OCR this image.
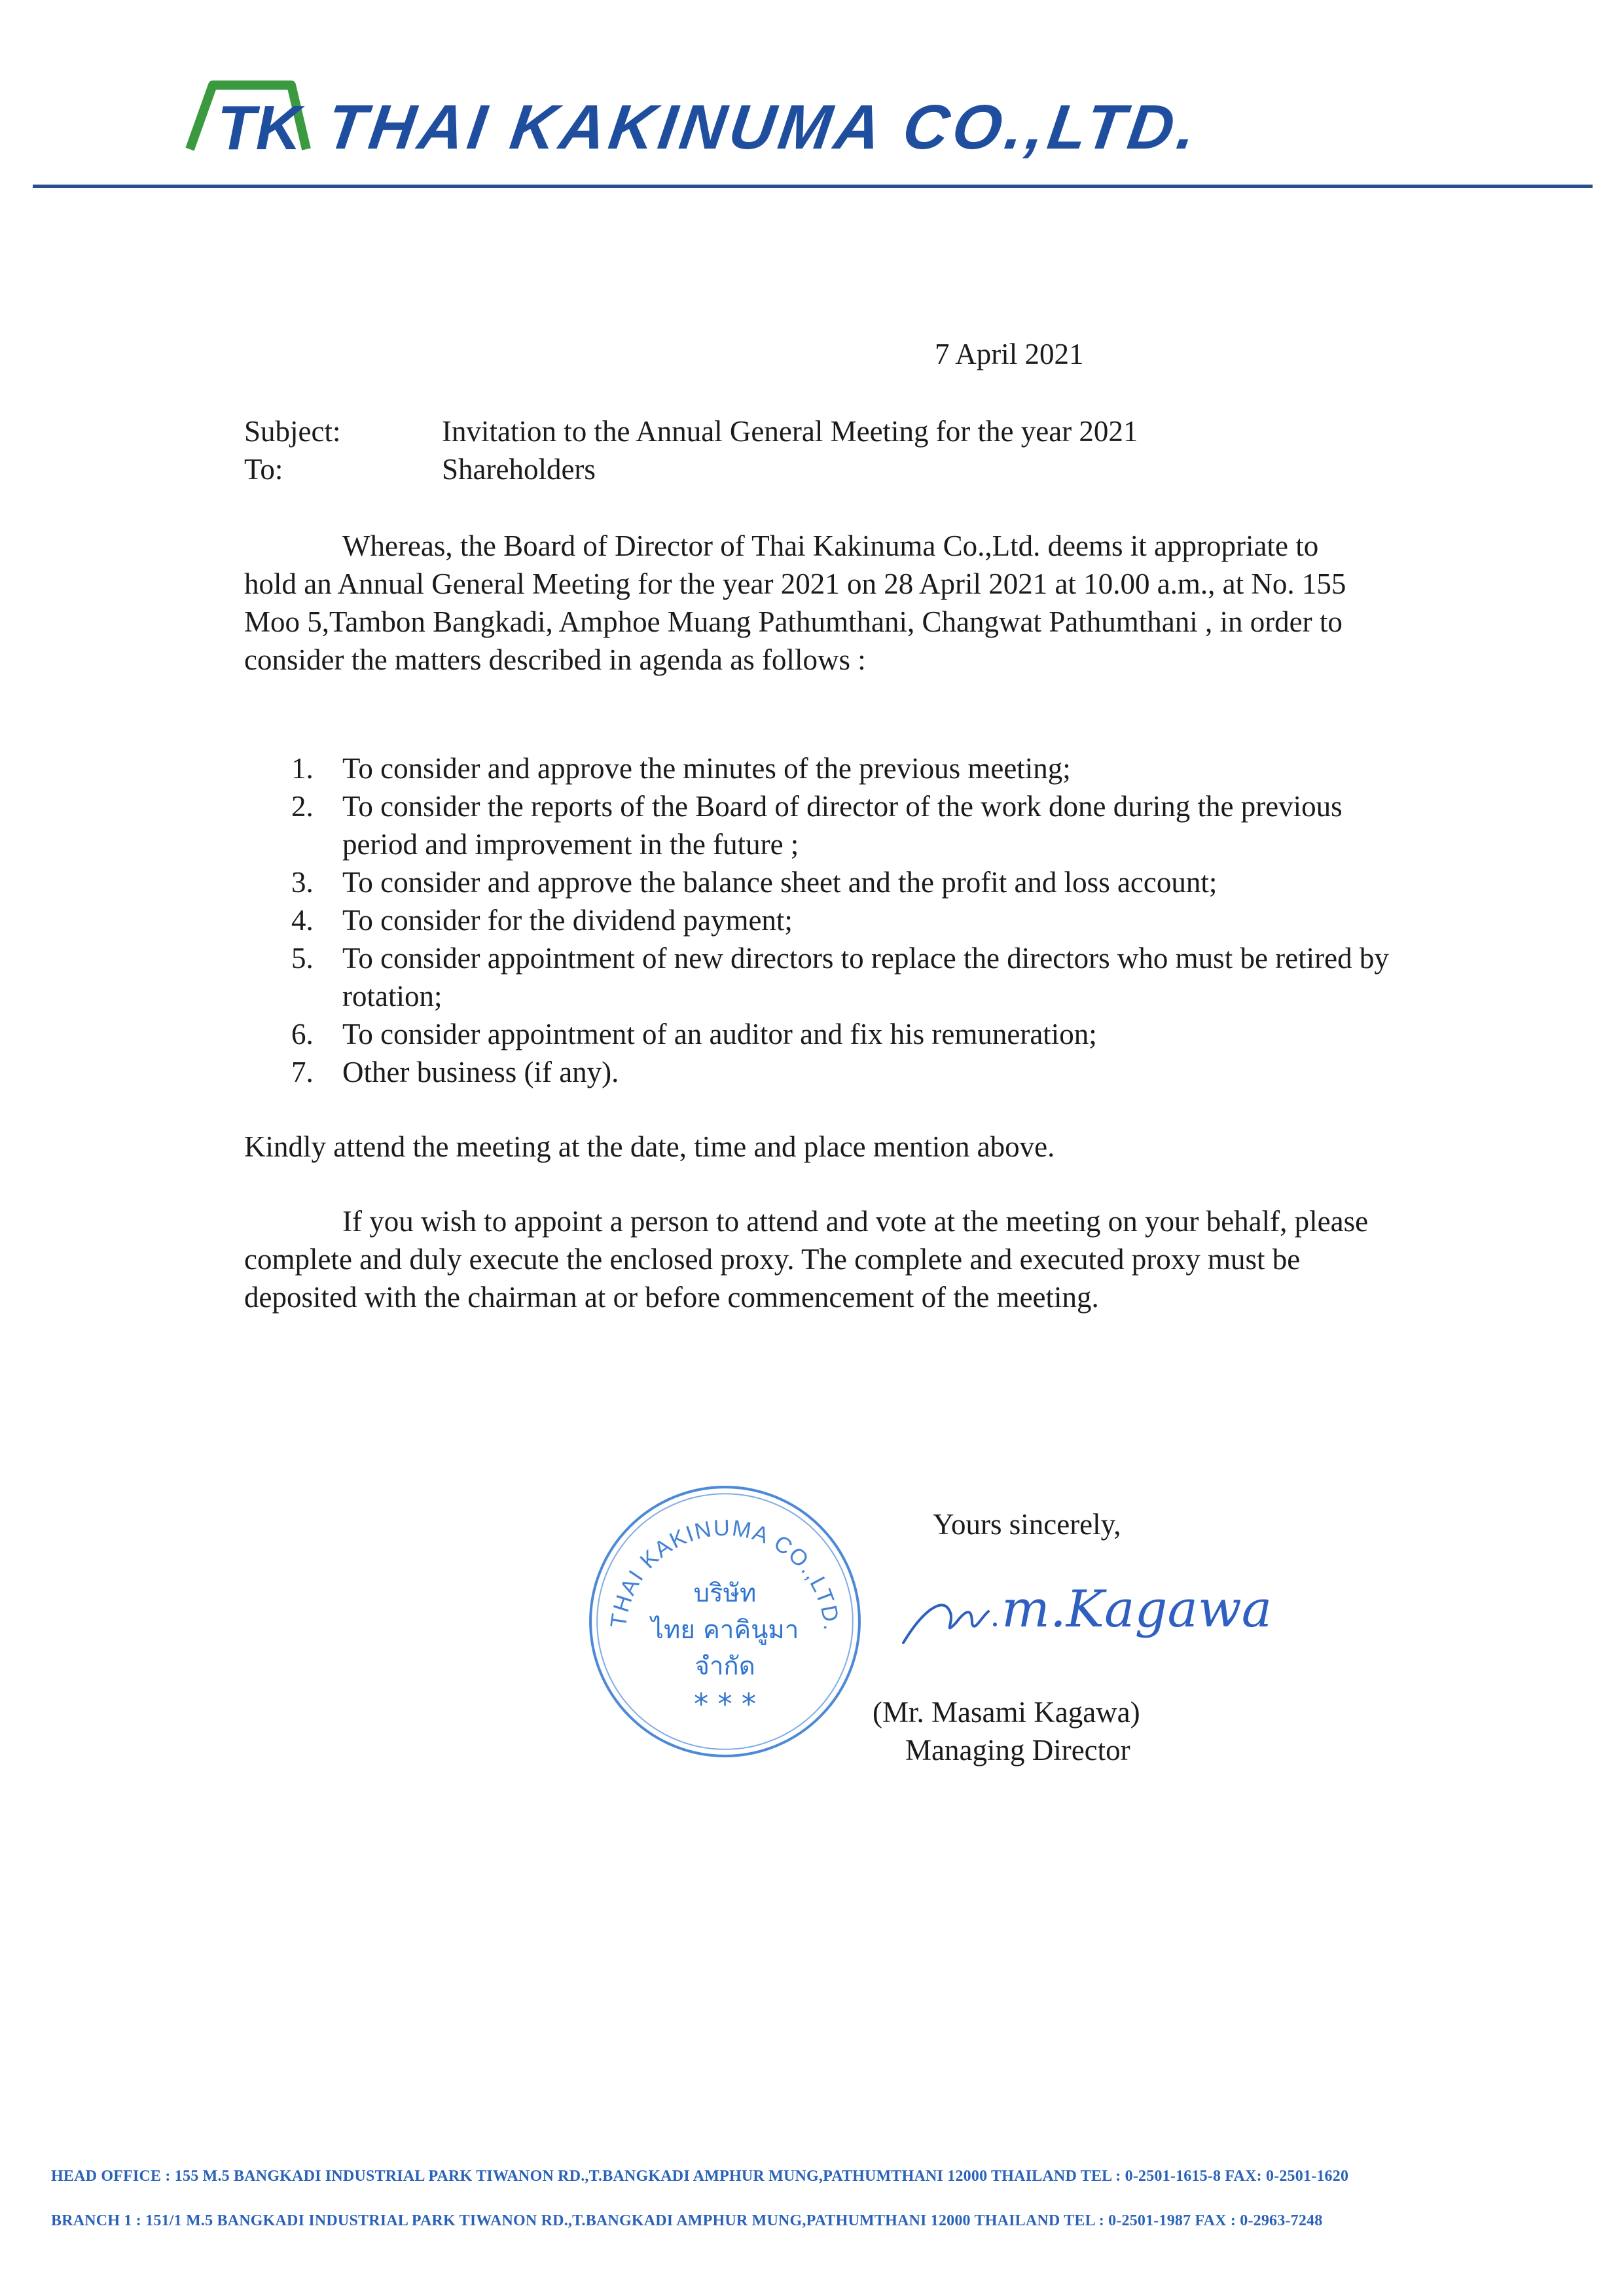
TK THAI KAKINUMA CO.,LTD.
7 April 2021
Subject:	Invitation to the Annual General Meeting for the year 2021
To:	Shareholders
Whereas, the Board of Director of Thai Kakinuma Co.,Ltd. deems it appropriate to hold an Annual General Meeting for the year 2021 on 28 April 2021 at 10.00 a.m., at No. 155 Moo 5,Tambon Bangkadi, Amphoe Muang Pathumthani, Changwat Pathumthani , in order to consider the matters described in agenda as follows :
1. To consider and approve the minutes of the previous meeting;
2. To consider the reports of the Board of director of the work done during the previous period and improvement in the future ;
3. To consider and approve the balance sheet and the profit and loss account;
4. To consider for the dividend payment;
5. To consider appointment of new directors to replace the directors who must be retired by rotation;
6. To consider appointment of an auditor and fix his remuneration;
7. Other business (if any).
Kindly attend the meeting at the date, time and place mention above.
If you wish to appoint a person to attend and vote at the meeting on your behalf, please complete and duly execute the enclosed proxy. The complete and executed proxy must be deposited with the chairman at or before commencement of the meeting.
THAI KAKINUMA CO.,LTD.
บริษัท
ไทย คาคินูมา
จำกัด
* * *
Yours sincerely,
m.Kagawa
(Mr. Masami Kagawa)
Managing Director
HEAD OFFICE : 155 M.5 BANGKADI INDUSTRIAL PARK TIWANON RD.,T.BANGKADI AMPHUR MUNG,PATHUMTHANI 12000 THAILAND TEL : 0-2501-1615-8 FAX: 0-2501-1620
BRANCH 1 : 151/1 M.5 BANGKADI INDUSTRIAL PARK TIWANON RD.,T.BANGKADI AMPHUR MUNG,PATHUMTHANI 12000 THAILAND TEL : 0-2501-1987 FAX : 0-2963-7248
